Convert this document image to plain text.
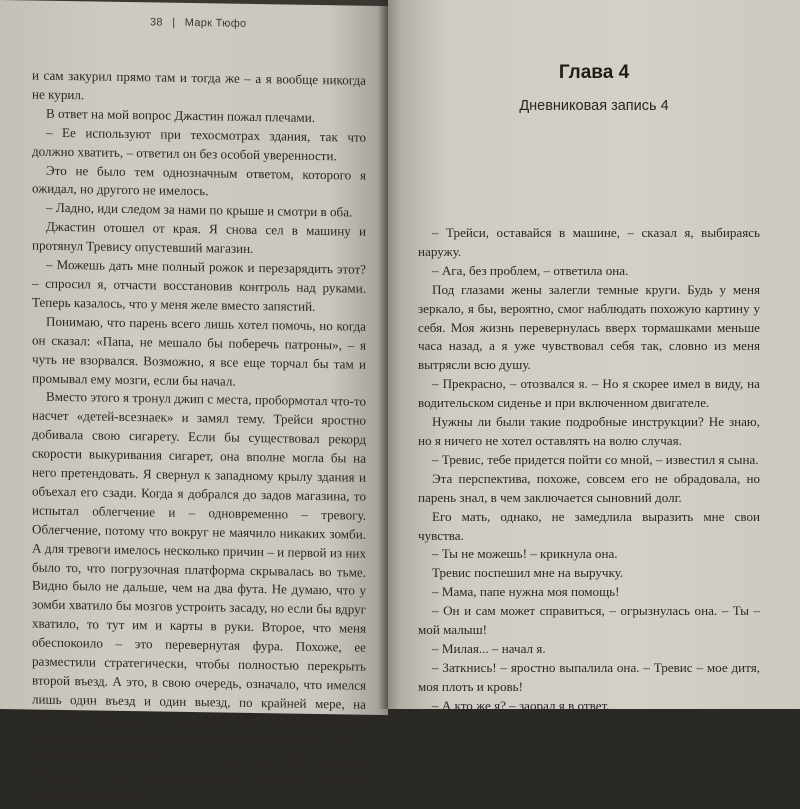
38 | Марк Тюфо

и сам закурил прямо там и тогда же – а я вообще никогда не курил.

В ответ на мой вопрос Джастин пожал плечами.

– Ее используют при техосмотрах здания, так что должно хватить, – ответил он без особой уверенности.

Это не было тем однозначным ответом, которого я ожидал, но другого не имелось.

– Ладно, иди следом за нами по крыше и смотри в оба.

Джастин отошел от края. Я снова сел в машину и протянул Тревису опустевший магазин.

– Можешь дать мне полный рожок и перезарядить этот? – спросил я, отчасти восстановив контроль над руками. Теперь казалось, что у меня желе вместо запястий.

Понимаю, что парень всего лишь хотел помочь, но когда он сказал: «Папа, не мешало бы поберечь патроны», – я чуть не взорвался. Возможно, я все еще торчал бы там и промывал ему мозги, если бы начал.

Вместо этого я тронул джип с места, пробормотал что-то насчет «детей-всезнаек» и замял тему. Трейси яростно добивала свою сигарету. Если бы существовал рекорд скорости выкуривания сигарет, она вполне могла бы на него претендовать. Я свернул к западному крылу здания и объехал его сзади. Когда я добрался до задов магазина, то испытал облегчение и – одновременно – тревогу. Облегчение, потому что вокруг не маячило никаких зомби. А для тревоги имелось несколько причин – и первой из них было то, что погрузочная платформа скрывалась во тьме. Видно было не дальше, чем на два фута. Не думаю, что у зомби хватило бы мозгов устроить засаду, но если бы вдруг хватило, то тут им и карты в руки. Второе, что меня обеспокоило – это перевернутая фура. Похоже, ее разместили стратегически, чтобы полностью перекрыть второй въезд. А это, в свою очередь, означало, что имелся лишь один въезд и один выезд, по крайней мере, на машине. Подпорная стена высотой в шесть футов тянулась вдоль автостоянки прямо напротив здания. Конечно, всегда можно было пробежаться, но я уже видел собственными глазами, с какой вероятностью это предприятие могло увенчаться успехом.

Глава 4
Дневниковая запись 4

– Трейси, оставайся в машине, – сказал я, выбираясь наружу.

– Ага, без проблем, – ответила она.

Под глазами жены залегли темные круги. Будь у меня зеркало, я бы, вероятно, смог наблюдать похожую картину у себя. Моя жизнь перевернулась вверх тормашками меньше часа назад, а я уже чувствовал себя так, словно из меня вытрясли всю душу.

– Прекрасно, – отозвался я. – Но я скорее имел в виду, на водительском сиденье и при включенном двигателе.

Нужны ли были такие подробные инструкции? Не знаю, но я ничего не хотел оставлять на волю случая.

– Тревис, тебе придется пойти со мной, – известил я сына.

Эта перспектива, похоже, совсем его не обрадовала, но парень знал, в чем заключается сыновний долг.

Его мать, однако, не замедлила выразить мне свои чувства.

– Ты не можешь! – крикнула она.

Тревис поспешил мне на выручку.

– Мама, папе нужна моя помощь!

– Он и сам может справиться, – огрызнулась она. – Ты – мой малыш!

– Милая... – начал я.

– Заткнись! – яростно выпалила она. – Тревис – мое дитя, моя плоть и кровь!

– А кто же я? – заорал я в ответ.
